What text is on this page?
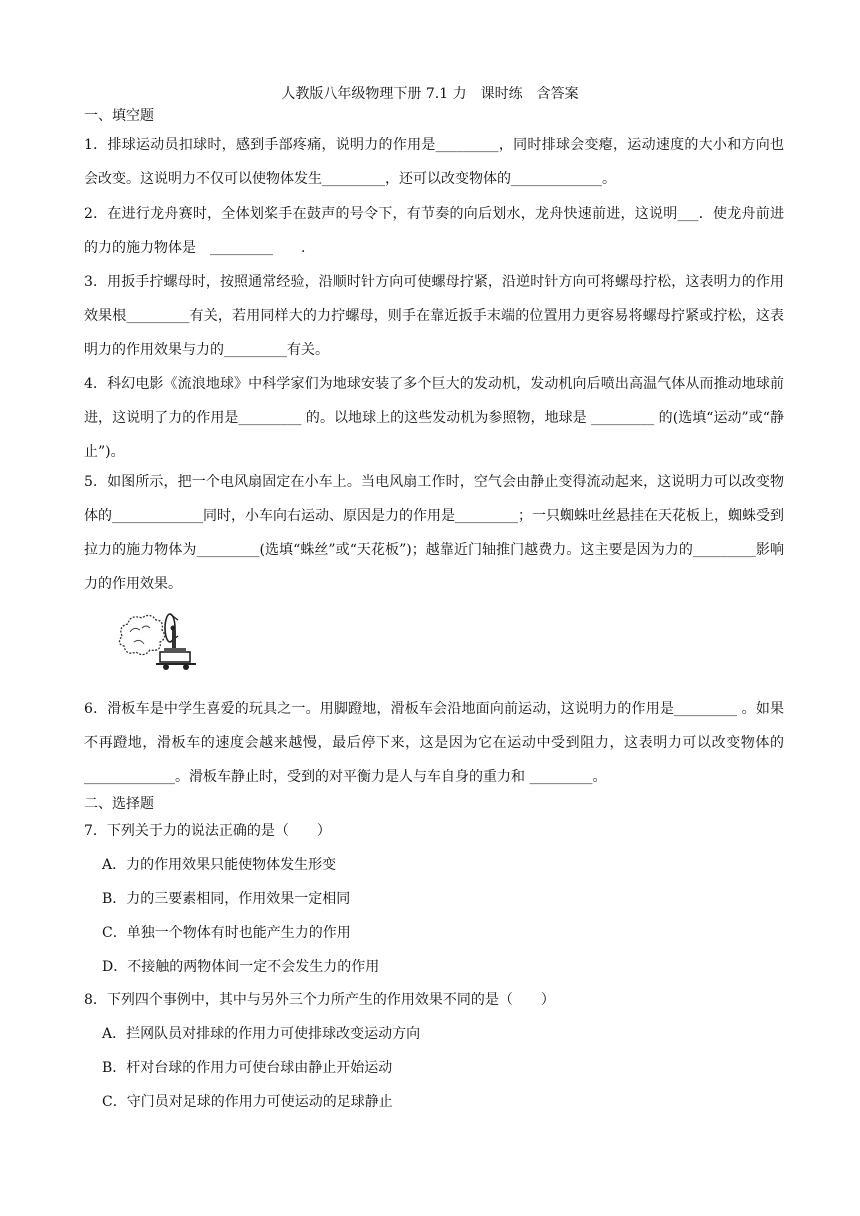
人教版八年级物理下册 7.1 力　课时练　含答案
一、填空题
1．排球运动员扣球时，感到手部疼痛，说明力的作用是_________，同时排球会变瘪，运动速度的大小和方向也会改变。这说明力不仅可以使物体发生_________，还可以改变物体的_____________。
2．在进行龙舟赛时，全体划桨手在鼓声的号令下，有节奏的向后划水，龙舟快速前进，这说明___．使龙舟前进的力的施力物体是　_________　　.
3．用扳手拧螺母时，按照通常经验，沿顺时针方向可使螺母拧紧，沿逆时针方向可将螺母拧松，这表明力的作用效果根_________有关，若用同样大的力拧螺母，则手在靠近扳手末端的位置用力更容易将螺母拧紧或拧松，这表明力的作用效果与力的_________有关。
4．科幻电影《流浪地球》中科学家们为地球安装了多个巨大的发动机，发动机向后喷出高温气体从而推动地球前进，这说明了力的作用是_________ 的。以地球上的这些发动机为参照物，地球是 _________ 的(选填“运动”或“静止”)。
5．如图所示，把一个电风扇固定在小车上。当电风扇工作时，空气会由静止变得流动起来，这说明力可以改变物体的_____________同时，小车向右运动、原因是力的作用是_________；一只蜘蛛吐丝悬挂在天花板上，蜘蛛受到拉力的施力物体为_________(选填“蛛丝”或“天花板”)；越靠近门轴推门越费力。这主要是因为力的_________影响力的作用效果。
6．滑板车是中学生喜爱的玩具之一。用脚蹬地，滑板车会沿地面向前运动，这说明力的作用是_________ 。如果不再蹬地，滑板车的速度会越来越慢，最后停下来，这是因为它在运动中受到阻力，这表明力可以改变物体的_____________。滑板车静止时，受到的对平衡力是人与车自身的重力和 _________。
二、选择题
7．下列关于力的说法正确的是（　　）
A．力的作用效果只能使物体发生形变
B．力的三要素相同，作用效果一定相同
C．单独一个物体有时也能产生力的作用
D．不接触的两物体间一定不会发生力的作用
8．下列四个事例中，其中与另外三个力所产生的作用效果不同的是（　　）
A．拦网队员对排球的作用力可使排球改变运动方向
B．杆对台球的作用力可使台球由静止开始运动
C．守门员对足球的作用力可使运动的足球静止
